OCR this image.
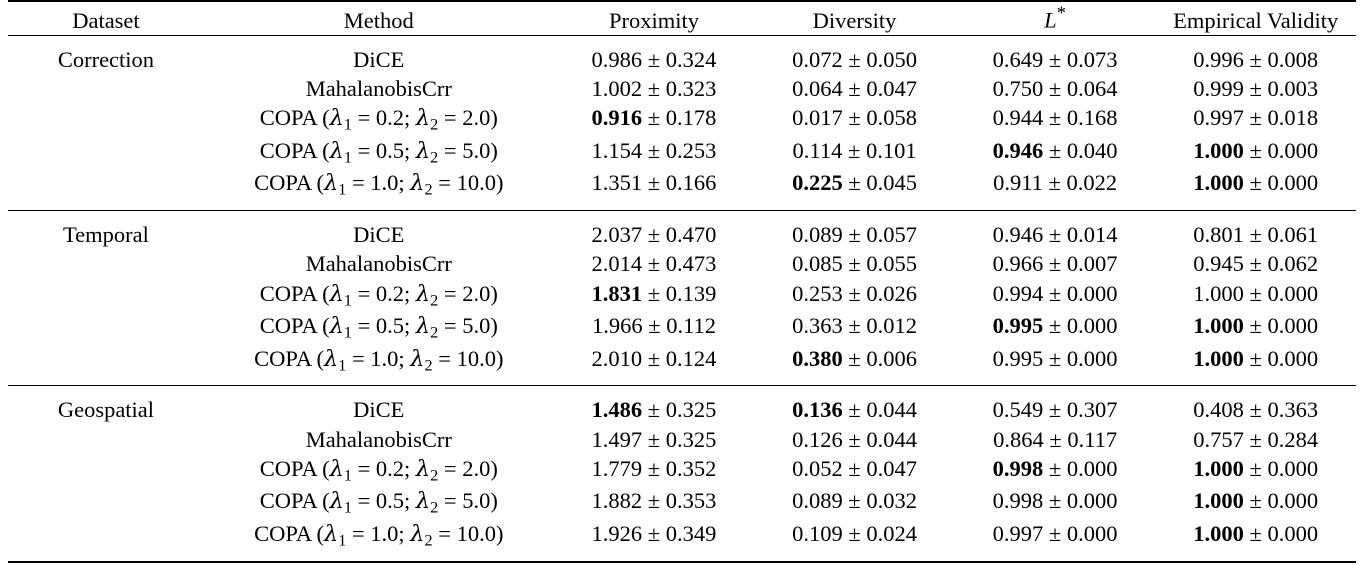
Dataset	Method	Proximity	Diversity	L*	Empirical Validity
Correction	DiCE	0.986 ± 0.324	0.072 ± 0.050	0.649 ± 0.073	0.996 ± 0.008
	MahalanobisCrr	1.002 ± 0.323	0.064 ± 0.047	0.750 ± 0.064	0.999 ± 0.003
	COPA ($\lambda_1 = 0.2$; $\lambda_2 = 2.0$)	0.916 ± 0.178	0.017 ± 0.058	0.944 ± 0.168	0.997 ± 0.018
	COPA ($\lambda_1 = 0.5$; $\lambda_2 = 5.0$)	1.154 ± 0.253	0.114 ± 0.101	0.946 ± 0.040	1.000 ± 0.000
	COPA ($\lambda_1 = 1.0$; $\lambda_2 = 10.0$)	1.351 ± 0.166	0.225 ± 0.045	0.911 ± 0.022	1.000 ± 0.000
Temporal	DiCE	2.037 ± 0.470	0.089 ± 0.057	0.946 ± 0.014	0.801 ± 0.061
	MahalanobisCrr	2.014 ± 0.473	0.085 ± 0.055	0.966 ± 0.007	0.945 ± 0.062
	COPA ($\lambda_1 = 0.2$; $\lambda_2 = 2.0$)	1.831 ± 0.139	0.253 ± 0.026	0.994 ± 0.000	1.000 ± 0.000
	COPA ($\lambda_1 = 0.5$; $\lambda_2 = 5.0$)	1.966 ± 0.112	0.363 ± 0.012	0.995 ± 0.000	1.000 ± 0.000
	COPA ($\lambda_1 = 1.0$; $\lambda_2 = 10.0$)	2.010 ± 0.124	0.380 ± 0.006	0.995 ± 0.000	1.000 ± 0.000
Geospatial	DiCE	1.486 ± 0.325	0.136 ± 0.044	0.549 ± 0.307	0.408 ± 0.363
	MahalanobisCrr	1.497 ± 0.325	0.126 ± 0.044	0.864 ± 0.117	0.757 ± 0.284
	COPA ($\lambda_1 = 0.2$; $\lambda_2 = 2.0$)	1.779 ± 0.352	0.052 ± 0.047	0.998 ± 0.000	1.000 ± 0.000
	COPA ($\lambda_1 = 0.5$; $\lambda_2 = 5.0$)	1.882 ± 0.353	0.089 ± 0.032	0.998 ± 0.000	1.000 ± 0.000
	COPA ($\lambda_1 = 1.0$; $\lambda_2 = 10.0$)	1.926 ± 0.349	0.109 ± 0.024	0.997 ± 0.000	1.000 ± 0.000
